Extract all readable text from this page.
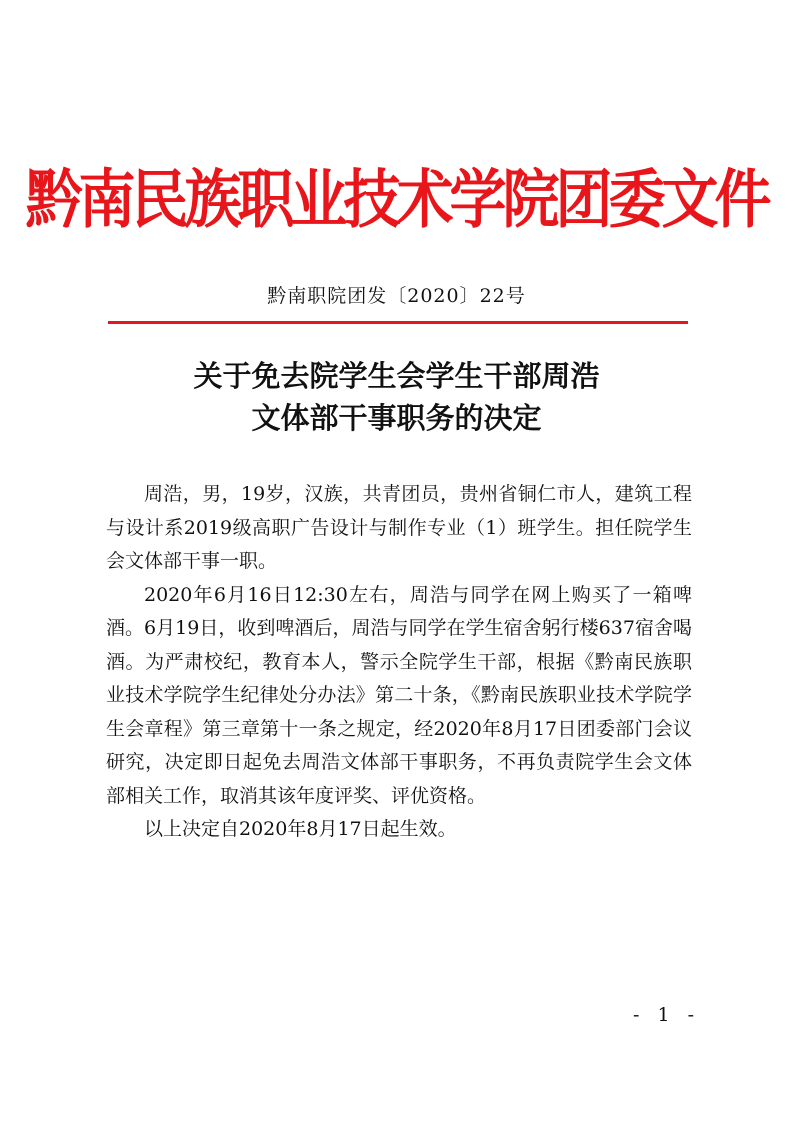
黔南民族职业技术学院团委文件
黔南职院团发〔2020〕22号
关于免去院学生会学生干部周浩
文体部干事职务的决定

周浩，男，19岁，汉族，共青团员，贵州省铜仁市人，建筑工程与设计系2019级高职广告设计与制作专业（1）班学生。担任院学生会文体部干事一职。

2020年6月16日12:30左右，周浩与同学在网上购买了一箱啤酒。6月19日，收到啤酒后，周浩与同学在学生宿舍躬行楼637宿舍喝酒。为严肃校纪，教育本人，警示全院学生干部，根据《黔南民族职业技术学院学生纪律处分办法》第二十条，《黔南民族职业技术学院学生会章程》第三章第十一条之规定，经2020年8月17日团委部门会议研究，决定即日起免去周浩文体部干事职务，不再负责院学生会文体部相关工作，取消其该年度评奖、评优资格。

以上决定自2020年8月17日起生效。

- 1 -
